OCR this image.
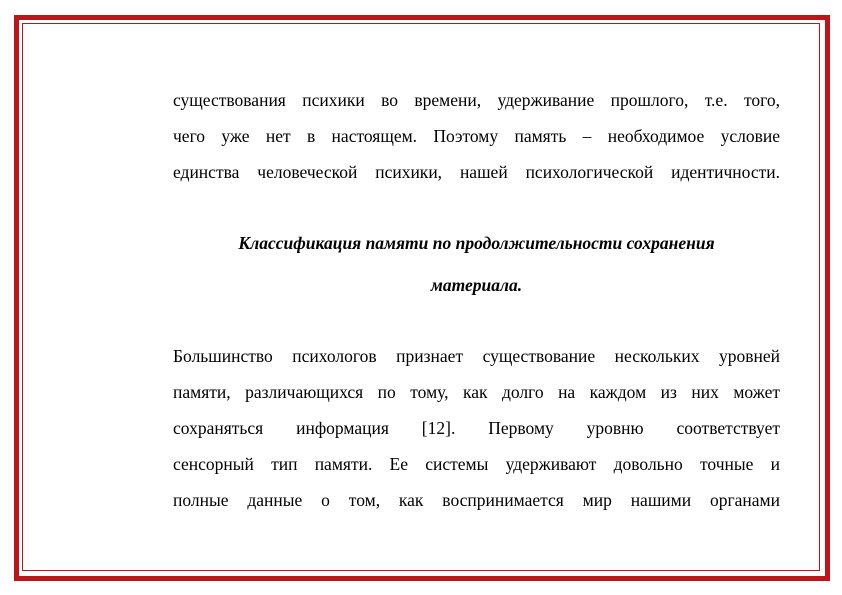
существования психики во времени, удерживание прошлого, т.е. того,
чего уже нет в настоящем. Поэтому память – необходимое условие
единства человеческой психики, нашей психологической идентичности.
Классификация памяти по продолжительности сохранения
материала.
Большинство психологов признает существование нескольких уровней
памяти, различающихся по тому, как долго на каждом из них может
сохраняться информация [12]. Первому уровню соответствует
сенсорный тип памяти. Ее системы удерживают довольно точные и
полные данные о том, как воспринимается мир нашими органами
